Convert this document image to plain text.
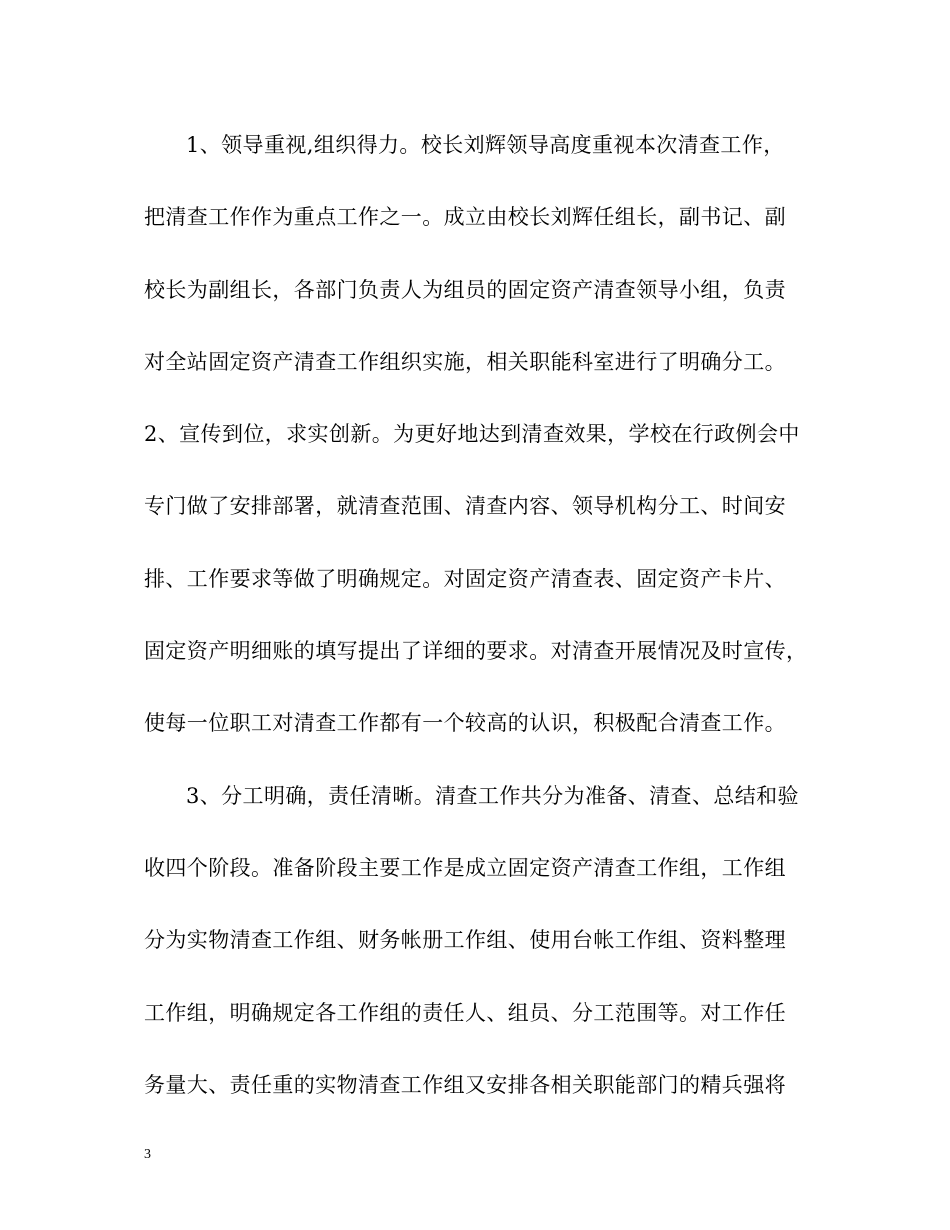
1、领导重视,组织得力。校长刘辉领导高度重视本次清查工作，
把清查工作作为重点工作之一。成立由校长刘辉任组长，副书记、副
校长为副组长，各部门负责人为组员的固定资产清查领导小组，负责
对全站固定资产清查工作组织实施，相关职能科室进行了明确分工。
2、宣传到位，求实创新。为更好地达到清查效果，学校在行政例会中
专门做了安排部署，就清查范围、清查内容、领导机构分工、时间安
排、工作要求等做了明确规定。对固定资产清查表、固定资产卡片、
固定资产明细账的填写提出了详细的要求。对清查开展情况及时宣传，
使每一位职工对清查工作都有一个较高的认识，积极配合清查工作。
3、分工明确，责任清晰。清查工作共分为准备、清查、总结和验
收四个阶段。准备阶段主要工作是成立固定资产清查工作组，工作组
分为实物清查工作组、财务帐册工作组、使用台帐工作组、资料整理
工作组，明确规定各工作组的责任人、组员、分工范围等。对工作任
务量大、责任重的实物清查工作组又安排各相关职能部门的精兵强将
3
